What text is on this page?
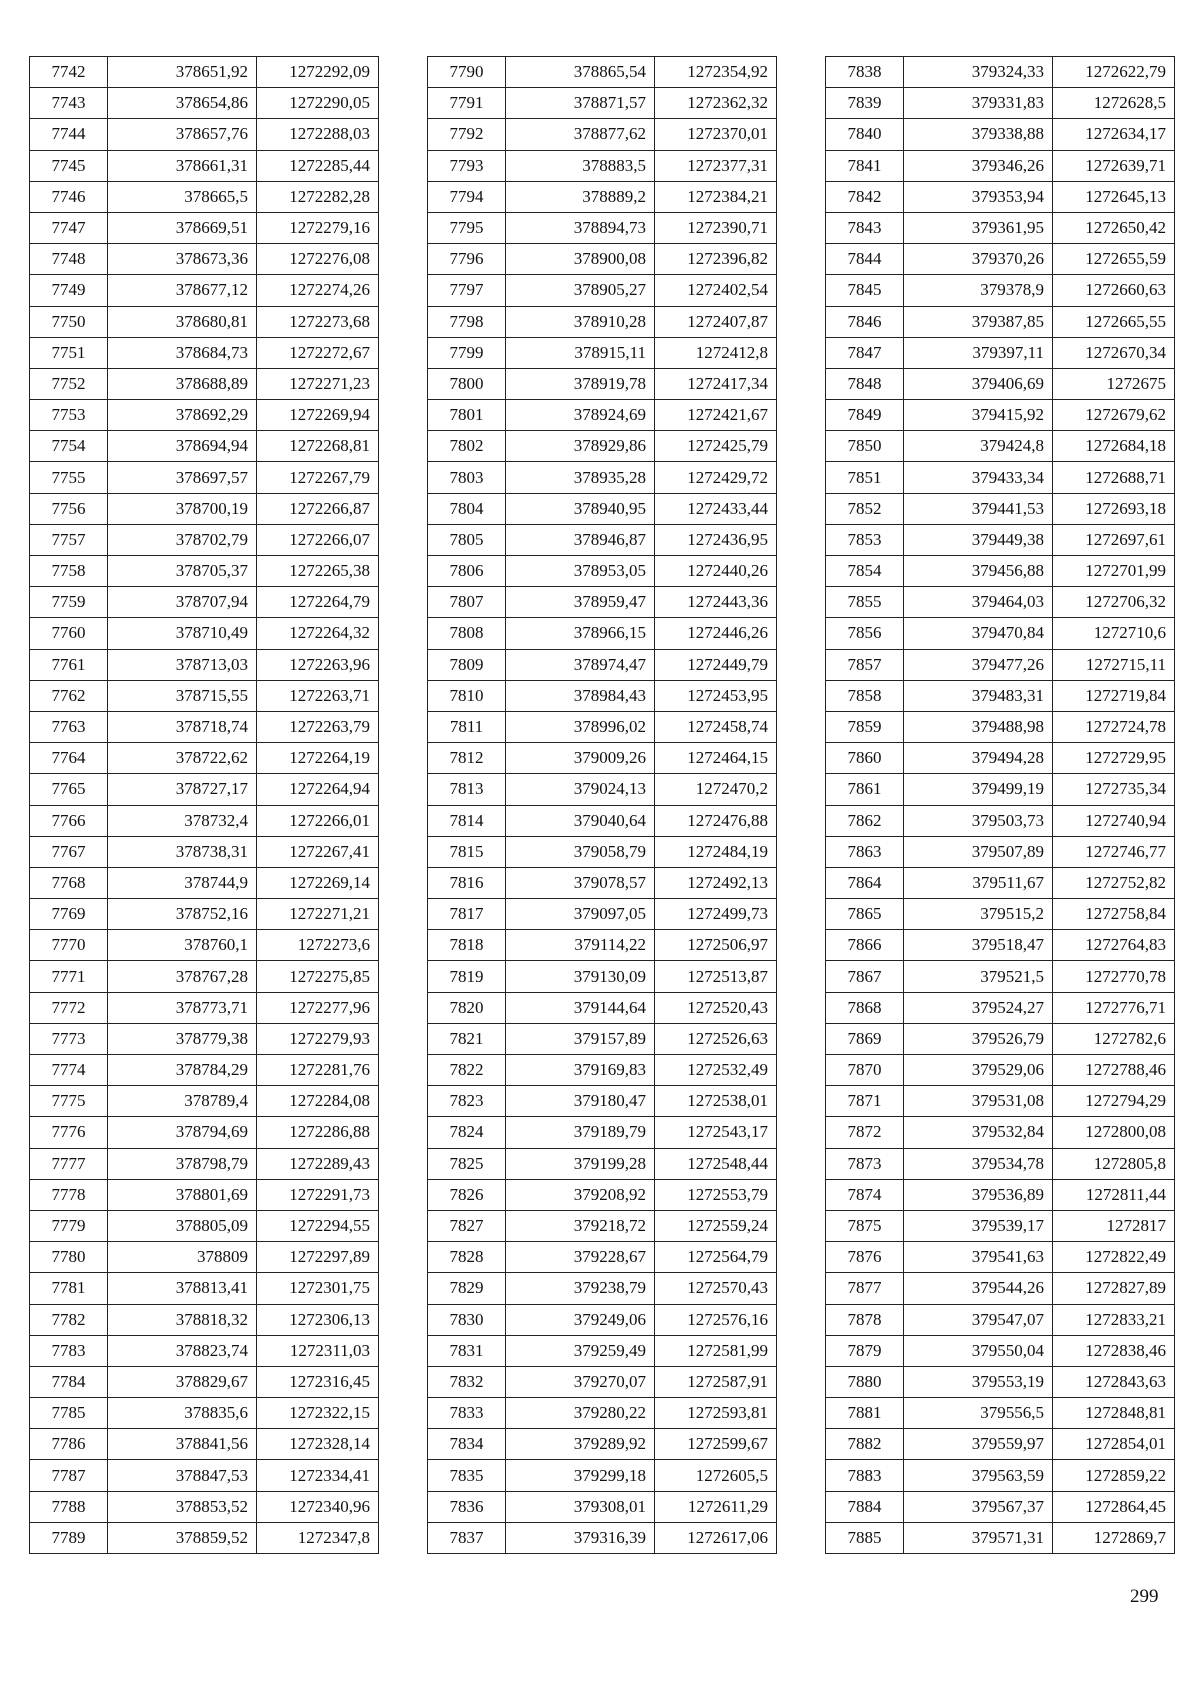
7742	378651,92	1272292,09
7743	378654,86	1272290,05
7744	378657,76	1272288,03
7745	378661,31	1272285,44
7746	378665,5	1272282,28
7747	378669,51	1272279,16
7748	378673,36	1272276,08
7749	378677,12	1272274,26
7750	378680,81	1272273,68
7751	378684,73	1272272,67
7752	378688,89	1272271,23
7753	378692,29	1272269,94
7754	378694,94	1272268,81
7755	378697,57	1272267,79
7756	378700,19	1272266,87
7757	378702,79	1272266,07
7758	378705,37	1272265,38
7759	378707,94	1272264,79
7760	378710,49	1272264,32
7761	378713,03	1272263,96
7762	378715,55	1272263,71
7763	378718,74	1272263,79
7764	378722,62	1272264,19
7765	378727,17	1272264,94
7766	378732,4	1272266,01
7767	378738,31	1272267,41
7768	378744,9	1272269,14
7769	378752,16	1272271,21
7770	378760,1	1272273,6
7771	378767,28	1272275,85
7772	378773,71	1272277,96
7773	378779,38	1272279,93
7774	378784,29	1272281,76
7775	378789,4	1272284,08
7776	378794,69	1272286,88
7777	378798,79	1272289,43
7778	378801,69	1272291,73
7779	378805,09	1272294,55
7780	378809	1272297,89
7781	378813,41	1272301,75
7782	378818,32	1272306,13
7783	378823,74	1272311,03
7784	378829,67	1272316,45
7785	378835,6	1272322,15
7786	378841,56	1272328,14
7787	378847,53	1272334,41
7788	378853,52	1272340,96
7789	378859,52	1272347,8
7790	378865,54	1272354,92
7791	378871,57	1272362,32
7792	378877,62	1272370,01
7793	378883,5	1272377,31
7794	378889,2	1272384,21
7795	378894,73	1272390,71
7796	378900,08	1272396,82
7797	378905,27	1272402,54
7798	378910,28	1272407,87
7799	378915,11	1272412,8
7800	378919,78	1272417,34
7801	378924,69	1272421,67
7802	378929,86	1272425,79
7803	378935,28	1272429,72
7804	378940,95	1272433,44
7805	378946,87	1272436,95
7806	378953,05	1272440,26
7807	378959,47	1272443,36
7808	378966,15	1272446,26
7809	378974,47	1272449,79
7810	378984,43	1272453,95
7811	378996,02	1272458,74
7812	379009,26	1272464,15
7813	379024,13	1272470,2
7814	379040,64	1272476,88
7815	379058,79	1272484,19
7816	379078,57	1272492,13
7817	379097,05	1272499,73
7818	379114,22	1272506,97
7819	379130,09	1272513,87
7820	379144,64	1272520,43
7821	379157,89	1272526,63
7822	379169,83	1272532,49
7823	379180,47	1272538,01
7824	379189,79	1272543,17
7825	379199,28	1272548,44
7826	379208,92	1272553,79
7827	379218,72	1272559,24
7828	379228,67	1272564,79
7829	379238,79	1272570,43
7830	379249,06	1272576,16
7831	379259,49	1272581,99
7832	379270,07	1272587,91
7833	379280,22	1272593,81
7834	379289,92	1272599,67
7835	379299,18	1272605,5
7836	379308,01	1272611,29
7837	379316,39	1272617,06
7838	379324,33	1272622,79
7839	379331,83	1272628,5
7840	379338,88	1272634,17
7841	379346,26	1272639,71
7842	379353,94	1272645,13
7843	379361,95	1272650,42
7844	379370,26	1272655,59
7845	379378,9	1272660,63
7846	379387,85	1272665,55
7847	379397,11	1272670,34
7848	379406,69	1272675
7849	379415,92	1272679,62
7850	379424,8	1272684,18
7851	379433,34	1272688,71
7852	379441,53	1272693,18
7853	379449,38	1272697,61
7854	379456,88	1272701,99
7855	379464,03	1272706,32
7856	379470,84	1272710,6
7857	379477,26	1272715,11
7858	379483,31	1272719,84
7859	379488,98	1272724,78
7860	379494,28	1272729,95
7861	379499,19	1272735,34
7862	379503,73	1272740,94
7863	379507,89	1272746,77
7864	379511,67	1272752,82
7865	379515,2	1272758,84
7866	379518,47	1272764,83
7867	379521,5	1272770,78
7868	379524,27	1272776,71
7869	379526,79	1272782,6
7870	379529,06	1272788,46
7871	379531,08	1272794,29
7872	379532,84	1272800,08
7873	379534,78	1272805,8
7874	379536,89	1272811,44
7875	379539,17	1272817
7876	379541,63	1272822,49
7877	379544,26	1272827,89
7878	379547,07	1272833,21
7879	379550,04	1272838,46
7880	379553,19	1272843,63
7881	379556,5	1272848,81
7882	379559,97	1272854,01
7883	379563,59	1272859,22
7884	379567,37	1272864,45
7885	379571,31	1272869,7
299
